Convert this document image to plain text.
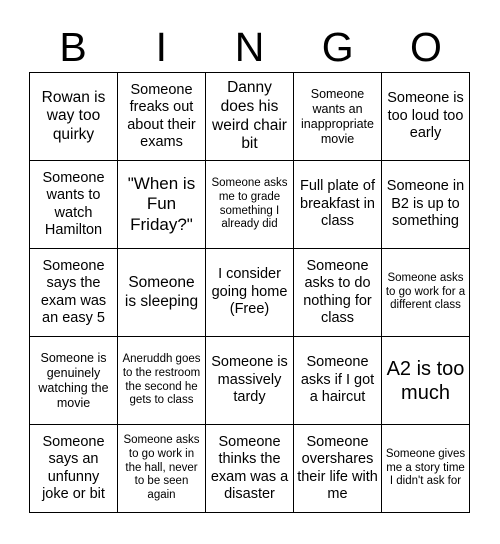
B	I	N	G	O
Rowan is way too quirky
Someone freaks out about their exams
Danny does his weird chair bit
Someone wants an inappropriate movie
Someone is too loud too early
Someone wants to watch Hamilton
"When is Fun Friday?"
Someone asks me to grade something I already did
Full plate of breakfast in class
Someone in B2 is up to something
Someone says the exam was an easy 5
Someone is sleeping
I consider going home (Free)
Someone asks to do nothing for class
Someone asks to go work for a different class
Someone is genuinely watching the movie
Aneruddh goes to the restroom the second he gets to class
Someone is massively tardy
Someone asks if I got a haircut
A2 is too much
Someone says an unfunny joke or bit
Someone asks to go work in the hall, never to be seen again
Someone thinks the exam was a disaster
Someone overshares their life with me
Someone gives me a story time I didn't ask for
